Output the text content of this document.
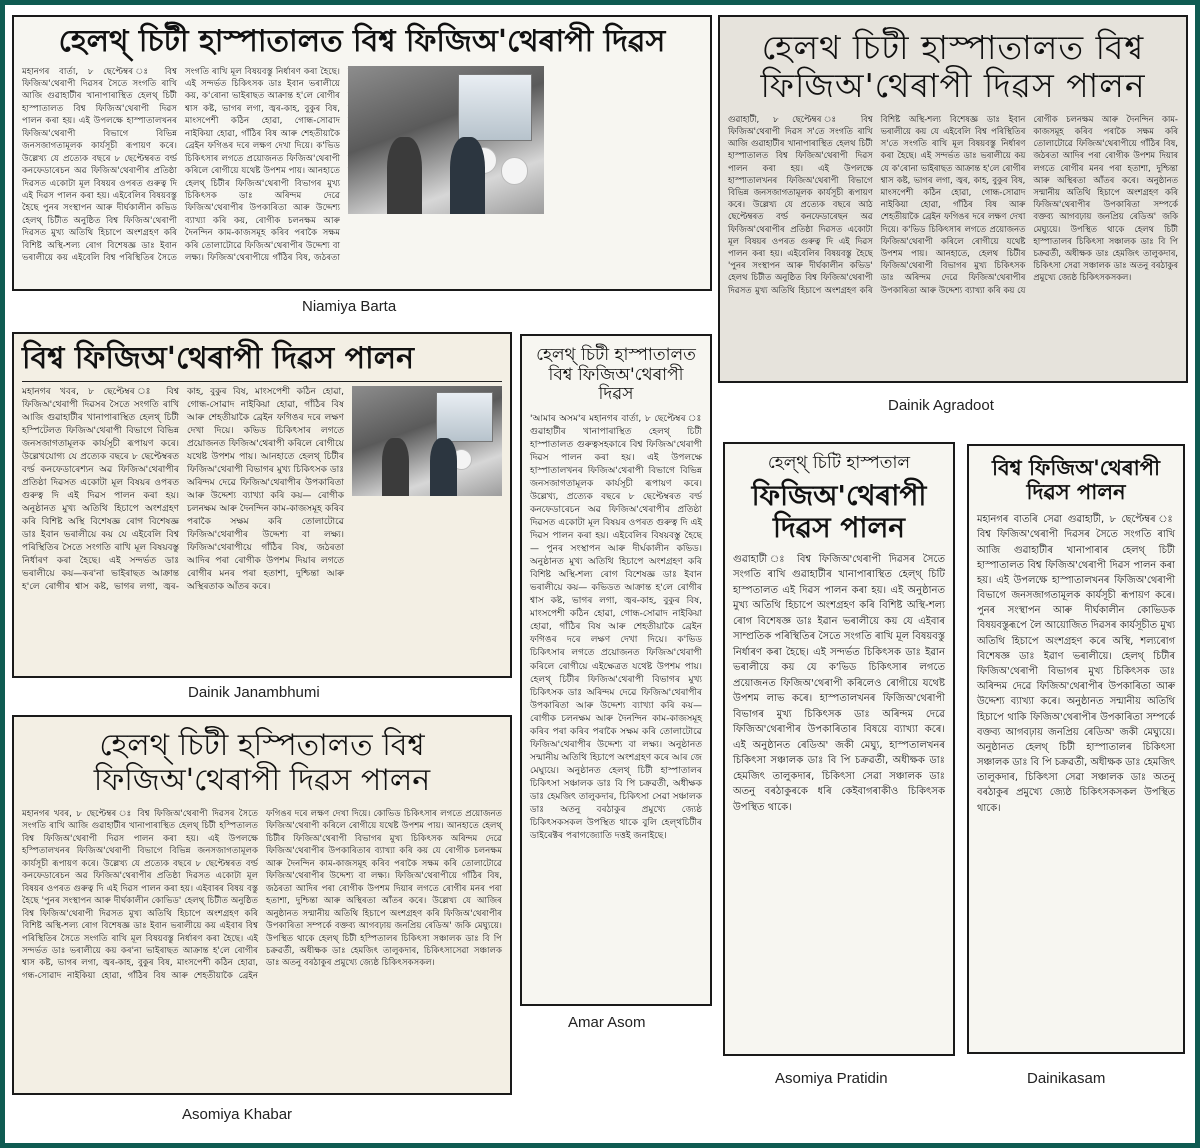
হেলথ্‌ চিটী হাস্পাতালত বিশ্ব ফিজিঅ'থেৰাপী দিৱস
মহানগৰ বাৰ্তা, ৮ ছেপ্টেম্বৰ ঃ বিশ্ব ফিজিঅ'থেৰাপী দিৱসৰ সৈতে সংগতি ৰাখি আজি গুৱাহাটীৰ খানাপাৰাস্থিত হেলথ্‌ চিটী হাস্পাতালত বিশ্ব ফিজিঅ'থেৰাপী দিৱস পালন কৰা হয়। এই উপলক্ষে হাস্পাতালখনৰ ফিজিঅ'থেৰাপী বিভাগে বিভিন্ন জনসজাগতামূলক কাৰ্যসূচী ৰূপায়ণ কৰে। উল্লেখ্য যে প্ৰত্যেক বছৰে ৮ ছেপ্টেম্বৰত বৰ্ল্ড কনফেডাৰেচন অৱ ফিজিঅ'থেৰাপীৰ প্ৰতিষ্ঠা দিৱসত একোটা মূল বিষয়ৰ ওপৰত গুৰুত্ব দি এই দিৱস পালন কৰা হয়। এইবেলিৰ বিষয়বস্তু হৈছে পুনৰ সংস্থাপন আৰু দীৰ্ঘকালীন কভিড হেলথ্‌ চিটীত অনুষ্ঠিত বিশ্ব ফিজিঅ'থেৰাপী দিৱসত মুখ্য অতিথি হিচাপে অংশগ্ৰহণ কৰি বিশিষ্ট অস্থি-শল্য ৰোগ বিশেষজ্ঞ ডাঃ ইবান ভৰালীয়ে কয় এইবেলি বিশ্ব পৰিস্থিতিৰ সৈতে সংগতি ৰাখি মূল বিষয়বস্তু নিৰ্ধাৰণ কৰা হৈছে। এই সন্দৰ্ভত চিকিৎসক ডাঃ ইবান ভৰালীয়ে কয়, ক'ৰোনা ভাইৰাছত আক্ৰান্ত হ'লে ৰোগীৰ শ্বাস কষ্ট, ভাগৰ লগা, জ্বৰ-কাহ, বুকুৰ বিষ, মাংসপেশী কঠিন হোৱা, গোন্ধ-সোৱাদ নাইকিয়া হোৱা, গাঁঠিৰ বিষ আৰু শেহতীয়াকৈ ব্ৰেইন ফগিঙৰ দৰে লক্ষণ দেখা দিয়ে। ক'ভিড চিকিৎসাৰ লগতে প্ৰয়োজনত ফিজিঅ'থেৰাপী কৰিলে ৰোগীয়ে যথেষ্ট উপশম পায়। আনহাতে হেলথ্‌ চিটীৰ ফিজিঅ'থেৰাপী বিভাগৰ মুখ্য চিকিৎসক ডাঃ অৰিন্দম দেৱে ফিজিঅ'থেৰাপীৰ উপকাৰিতা আৰু উদ্দেশ্য ব্যাখ্যা কৰি কয়, ৰোগীক চলনক্ষম আৰু দৈনন্দিন কাম-কাজসমূহ কৰিব পৰাকৈ সক্ষম কৰি তোলাটোৱে ফিজিঅ'থেৰাপীৰ উদ্দেশ্য বা লক্ষ্য। ফিজিঅ'থেৰাপীয়ে গাঁঠিৰ বিষ, জঠৰতা
Niamiya Barta
হেলথ চিটী হাস্পাতালত বিশ্ব ফিজিঅ'থেৰাপী দিৱস পালন
গুৱাহাটী, ৮ ছেপ্টেম্বৰ ঃ বিশ্ব ফিজিঅ'থেৰাপী দিৱস স'তে সংগতি ৰাখি আজি গুৱাহাটীৰ খানাপাৰাস্থিত হেলথ চিটী হাস্পাতালত বিশ্ব ফিজিঅ'থেৰাপী দিৱস পালন কৰা হয়। এই উপলক্ষে হাস্পাতালখনৰ ফিজিঅ'থেৰাপী বিভাগে বিভিন্ন জনসজাগতামূলক কাৰ্যসূচী ৰূপায়ণ কৰে। উল্লেখ্য যে প্ৰত্যেক বছৰে আঠ ছেপ্টেম্বৰত বৰ্ল্ড কনফেডাৰেছন অৱ ফিজিঅ'থেৰাপীৰ প্ৰতিষ্ঠা দিৱসত একোটা মূল বিষয়ৰ ওপৰত গুৰুত্ব দি এই দিৱস পালন কৰা হয়। এইবেলিৰ বিষয়বস্তু হৈছে 'পুনৰ সংস্থাপন আৰু দীৰ্ঘকালীন কভিড' হেলথ চিটীত অনুষ্ঠিত বিশ্ব ফিজিঅ'থেৰাপী দিৱসত মুখ্য অতিথি হিচাপে অংশগ্ৰহণ কৰি বিশিষ্ট অস্থি-শল্য বিশেষজ্ঞ ডাঃ ইবান ভৰালীয়ে কয় যে এইবেলি বিশ্ব পৰিস্থিতিৰ স'তে সংগতি ৰাখি মূল বিষয়বস্তু নিৰ্ধাৰণ কৰা হৈছে। এই সন্দৰ্ভত ডাঃ ভৰালীয়ে কয় যে ক'ৰোনা ভাইৰাছত আক্ৰান্ত হ'লে ৰোগীৰ শ্বাস কষ্ট, ভাগৰ লগা, জ্বৰ, কাহ, বুকুৰ বিষ, মাংসপেশী কঠিন হোৱা, গোন্ধ-সোৱাদ নাইকিয়া হোৱা, গাঁঠিৰ বিষ আৰু শেহতীয়াকৈ ব্ৰেইন ফগিঙৰ দৰে লক্ষণ দেখা দিয়ে। ক'ভিড চিকিৎসাৰ লগতে প্ৰয়োজনত ফিজিঅ'থেৰাপী কৰিলে ৰোগীয়ে যথেষ্ট উপশম পায়। আনহাতে, হেলথ চিটীৰ ফিজিঅ'থেৰাপী বিভাগৰ মুখ্য চিকিৎসক ডাঃ অৰিন্দম দেৱে ফিজিঅ'থেৰাপীৰ উপকাৰিতা আৰু উদ্দেশ্য ব্যাখ্যা কৰি কয় যে ৰোগীক চলনক্ষম আৰু দৈনন্দিন কাম-কাজসমূহ কৰিব পৰাকৈ সক্ষম কৰি তোলাটোৱে ফিজিঅ'থেৰাপীয়ে গাঁঠিৰ বিষ, জঠৰতা আদিৰ পৰা ৰোগীক উপশম দিয়াৰ লগতে ৰোগীৰ মনৰ পৰা হতাশা, দুশ্চিন্তা আৰু অস্থিৰতা আঁতৰ কৰে। অনুষ্ঠানত সন্মানীয় অতিথি হিচাপে অংশগ্ৰহণ কৰি ফিজিঅ'থেৰাপীৰ উপকাৰিতা সম্পৰ্কে বক্তব্য আগবঢ়ায় জনপ্ৰিয় ৰেডিঅ' জকি মেঘ্যুয়ে। উপস্থিত থাকে হেলথ চিটী হাস্পাতালৰ চিকিৎসা সঞ্চালক ডাঃ বি পি চক্ৰৱৰ্তী, অধীক্ষক ডাঃ হেমজিৎ তালুকদাৰ, চিকিৎসা সেৱা সঞ্চালক ডাঃ অতনু বৰঠাকুৰ প্ৰমুখ্যে জ্যেষ্ঠ চিকিৎসকসকল।
Dainik Agradoot
বিশ্ব ফিজিঅ'থেৰাপী দিৱস পালন
মহানগৰ খবৰ, ৮ ছেপ্টেম্বৰ ঃ বিশ্ব ফিজিঅ'থেৰাপী দিৱসৰ সৈতে সংগতি ৰাখি আজি গুৱাহাটীৰ খানাপাৰাস্থিত হেলথ্‌ চিটী হস্পিটেলত ফিজিঅ'থেৰাপী বিভাগে বিভিন্ন জনসজাগতামূলক কাৰ্যসূচী ৰূপায়ণ কৰে। উল্লেখযোগ্য যে প্ৰত্যেক বছৰে ৮ ছেপ্টেম্বৰত বৰ্ল্ড কনফেডাৰেশ্যন অৱ ফিজিঅ'থেৰাপীৰ প্ৰতিষ্ঠা দিৱসত একোটা মূল বিষয়ৰ ওপৰত গুৰুত্ব দি এই দিৱস পালন কৰা হয়। অনুষ্ঠানত মুখ্য অতিথি হিচাপে অংশগ্ৰহণ কৰি বিশিষ্ট অস্থি বিশেষজ্ঞ ৰোগ বিশেষজ্ঞ ডাঃ ইবান ভৰালীয়ে কয় যে এইবেলি বিশ্ব পৰিস্থিতিৰ সৈতে সংগতি ৰাখি মূল বিষয়বস্তু নিৰ্ধাৰণ কৰা হৈছে। এই সন্দৰ্ভত ডাঃ ভৰালীয়ে কয়—কৰ'না ভাইৰাছত আক্ৰান্ত হ'লে ৰোগীৰ শ্বাস কষ্ট, ভাগৰ লগা, জ্বৰ-কাহ, বুকুৰ বিষ, মাংসপেশী কঠিন হোৱা, গোন্ধ-সোৱাদ নাইকিয়া হোৱা, গাঁঠিৰ বিষ আৰু শেহতীয়াকৈ ব্ৰেইন ফগিঙৰ দৰে লক্ষণ দেখা দিয়ে। কভিড চিকিৎসাৰ লগতে প্ৰয়োজনত ফিজিঅ'থেৰাপী কৰিলে ৰোগীয়ে যথেষ্ট উপশম পায়। আনহাতে হেলথ্‌ চিটীৰ ফিজিঅ'থেৰাপী বিভাগৰ মুখ্য চিকিৎসক ডাঃ অৰিন্দম দেৱে ফিজিঅ'থেৰাপীৰ উপকাৰিতা আৰু উদ্দেশ্য ব্যাখ্যা কৰি কয়— ৰোগীক চলনক্ষম আৰু দৈনন্দিন কাম-কাজসমূহ কৰিব পৰাকৈ সক্ষম কৰি তোলাটোৱে ফিজিঅ'থেৰাপীৰ উদ্দেশ্য বা লক্ষ্য। ফিজিঅ'থেৰাপীয়ে গাঁঠিৰ বিষ, জঠৰতা আদিৰ পৰা ৰোগীক উপশম দিয়াৰ লগতে ৰোগীৰ মনৰ পৰা হতাশা, দুশ্চিন্তা আৰু অস্থিৰতাক আঁতৰ কৰে।
Dainik Janambhumi
হেলথ্‌ চিটী হাস্পাতালত বিশ্ব ফিজিঅ'থেৰাপী দিৱস
'আমাৰ অসম'ৰ মহানগৰ বাৰ্তা, ৮ ছেপ্টেম্বৰ ঃ গুৱাহাটীৰ খানাপাৰাস্থিত হেলথ্‌ চিটী হাস্পাতালত গুৰুত্বসহকাৰে বিশ্ব ফিজিঅ'থেৰাপী দিৱস পালন কৰা হয়। এই উপলক্ষে হাস্পাতালখনৰ ফিজিঅ'থেৰাপী বিভাগে বিভিন্ন জনসজাগতামূলক কাৰ্যসূচী ৰূপায়ণ কৰে। উল্লেখ্য, প্ৰত্যেক বছৰে ৮ ছেপ্টেম্বৰত বৰ্ল্ড কনফেডাৰেচন অৱ ফিজিঅ'থেৰাপীৰ প্ৰতিষ্ঠা দিৱসত একোটা মূল বিষয়ৰ ওপৰত গুৰুত্ব দি এই দিৱস পালন কৰা হয়। এইবেলিৰ বিষয়বস্তু হৈছে— পুনৰ সংস্থাপন আৰু দীৰ্ঘকালীন কভিড। অনুষ্ঠানত মুখ্য অতিথি হিচাপে অংশগ্ৰহণ কৰি বিশিষ্ট অস্থি-শল্য ৰোগ বিশেষজ্ঞ ডাঃ ইবান ভৰালীয়ে কয়— কভিডত আক্ৰান্ত হ'লে ৰোগীৰ শ্বাস কষ্ট, ভাগৰ লগা, জ্বৰ-কাহ, বুকুৰ বিষ, মাংসপেশী কঠিন হোৱা, গোন্ধ-সোৱাদ নাইকিয়া হোৱা, গাঁঠিৰ বিষ আৰু শেহতীয়াকৈ ব্ৰেইন ফগিঙৰ দৰে লক্ষণ দেখা দিয়ে। ক'ভিড চিকিৎসাৰ লগতে প্ৰয়োজনত ফিজিঅ'থেৰাপী কৰিলে ৰোগীয়ে এইক্ষেত্ৰত যথেষ্ট উপশম পায়। হেলথ্‌ চিটীৰ ফিজিঅ'থেৰাপী বিভাগৰ মুখ্য চিকিৎসক ডাঃ অৰিন্দম দেৱে ফিজিঅ'থেৰাপীৰ উপকাৰিতা আৰু উদ্দেশ্য ব্যাখ্যা কৰি কয়— ৰোগীক চলনক্ষম আৰু দৈনন্দিন কাম-কাজসমূহ কৰিব পৰা কৰিব পৰাকৈ সক্ষম কৰি তোলাটোৱে ফিজিঅ'থেৰাপীৰ উদ্দেশ্য বা লক্ষ্য। অনুষ্ঠানত সন্মানীয় অতিথি হিচাপে অংশগ্ৰহণ কৰে আৰ জে মেঘ্যুয়ে। অনুষ্ঠানত হেলথ্‌ চিটী হাস্পাতালৰ চিকিৎসা সঞ্চালক ডাঃ বি পি চক্ৰৱৰ্তী, অধীক্ষক ডাঃ হেমজিৎ তালুকদাৰ, চিকিৎসা সেৱা সঞ্চালক ডাঃ অতনু বৰঠাকুৰ প্ৰমুখ্যে জ্যেষ্ঠ চিকিৎসকসকল উপস্থিত থাকে বুলি হেল্থচিটীৰ ডাইৰেক্টৰ পৰাগজ্যোতি দত্তই জনাইছে।
Amar Asom
হেল্থ্‌ চিটি হাস্পতাল
ফিজিঅ'থেৰাপী দিৱস পালন
গুৱাহাটী ঃ বিশ্ব ফিজিঅ'থেৰাপী দিৱসৰ সৈতে সংগতি ৰাখি গুৱাহাটীৰ খানাপাৰাস্থিত হেল্থ্‌ চিটি হাস্পতালত এই দিৱস পালন কৰা হয়। এই অনুষ্ঠানত মুখ্য অতিথি হিচাপে অংশগ্ৰহণ কৰি বিশিষ্ট অস্থি-শল্য ৰোগ বিশেষজ্ঞ ডাঃ ইৱান ভৰালীয়ে কয় যে এইবাৰ সাম্প্ৰতিক পৰিস্থিতিৰ সৈতে সংগতি ৰাখি মূল বিষয়বস্তু নিৰ্ধাৰণ কৰা হৈছে। এই সন্দৰ্ভত চিকিৎসক ডাঃ ইৱান ভৰালীয়ে কয় যে ক'ভিড চিকিৎসাৰ লগতে প্ৰয়োজনত ফিজিঅ'থেৰাপী কৰিলেও ৰোগীয়ে যথেষ্ট উপশম লাভ কৰে। হাস্পতালখনৰ ফিজিঅ'থেৰাপী বিভাগৰ মুখ্য চিকিৎসক ডাঃ অৰিন্দম দেৱে ফিজিঅ'থেৰাপীৰ উপকাৰিতাৰ বিষয়ে ব্যাখ্যা কৰে। এই অনুষ্ঠানত ৰেডিঅ' জকী মেঘ্যু, হাস্পতালখনৰ চিকিৎসা সঞ্চালক ডাঃ বি পি চক্ৰৱৰ্তী, অধীক্ষক ডাঃ হেমজিৎ তালুকদাৰ, চিকিৎসা সেৱা সঞ্চালক ডাঃ অতনু বৰঠাকুৰকে ধৰি কেইবাগৰাকীও চিকিৎসক উপস্থিত থাকে।
Asomiya Pratidin
বিশ্ব ফিজিঅ'থেৰাপী দিৱস পালন
মহানগৰ বাতৰি সেৱা গুৱাহাটী, ৮ ছেপ্টেম্বৰ ঃ বিশ্ব ফিজিঅ'থেৰাপী দিৱসৰ সৈতে সংগতি ৰাখি আজি গুৱাহাটীৰ খানাপাৰাৰ হেলথ্‌ চিটী হাস্পাতালত বিশ্ব ফিজিঅ'থেৰাপী দিৱস পালন কৰা হয়। এই উপলক্ষে হাস্পাতালখনৰ ফিজিঅ'থেৰাপী বিভাগে জনসজাগতামূলক কাৰ্যসূচী ৰূপায়ণ কৰে। পুনৰ সংস্থাপন আৰু দীৰ্ঘকালীন কোভিডক বিষয়বস্তুৰূপে লৈ আয়োজিত দিৱসৰ কাৰ্যসূচীত মুখ্য অতিথি হিচাপে অংশগ্ৰহণ কৰে অস্থি, শল্যৰোগ বিশেষজ্ঞ ডাঃ ইৱাণ ভৰালীয়ে। হেলথ্‌ চিটীৰ ফিজিঅ'থেৰাপী বিভাগৰ মুখ্য চিকিৎসক ডাঃ অৰিন্দম দেৱে ফিজিঅ'থেৰাপীৰ উপকাৰিতা আৰু উদ্দেশ্য ব্যাখ্যা কৰে। অনুষ্ঠানত সন্মানীয় অতিথি হিচাপে থাকি ফিজিঅ'থেৰাপীৰ উপকাৰিতা সম্পৰ্কে বক্তব্য আগবঢ়ায় জনপ্ৰিয় ৰেডিঅ' জকী মেঘ্যুয়ে। অনুষ্ঠানত হেলথ্‌ চিটী হাস্পাতালৰ চিকিৎসা সঞ্চালক ডাঃ বি পি চক্ৰৱৰ্তী, অধীক্ষক ডাঃ হেমজিৎ তালুকদাৰ, চিকিৎসা সেৱা সঞ্চালক ডাঃ অতনু বৰঠাকুৰ প্ৰমুখ্যে জ্যেষ্ঠ চিকিৎসকসকল উপস্থিত থাকে।
Dainikasam
হেলথ্‌ চিটী হস্পিতালত বিশ্ব ফিজিঅ'থেৰাপী দিৱস পালন
মহানগৰ খবৰ, ৮ ছেপ্টেম্বৰ ঃ বিশ্ব ফিজিঅ'থেৰাপী দিৱসৰ সৈতে সংগতি ৰাখি আজি গুৱাহাটীৰ খানাপাৰাস্থিত হেলথ্‌ চিটী হস্পিতালত বিশ্ব ফিজিঅ'থেৰাপী দিৱস পালন কৰা হয়। এই উপলক্ষে হস্পিতালখনৰ ফিজিঅ'থেৰাপী বিভাগে বিভিন্ন জনসজাগতামূলক কাৰ্যসূচী ৰূপায়ণ কৰে। উল্লেখ্য যে প্ৰত্যেক বছৰে ৮ ছেপ্টেম্বৰত বৰ্ল্ড কনফেডাৰেচন অৱ ফিজিঅ'থেৰাপীৰ প্ৰতিষ্ঠা দিৱসত একোটা মূল বিষয়ৰ ওপৰত গুৰুত্ব দি এই দিৱস পালন কৰা হয়। এইবাৰৰ বিষয় বস্তু হৈছে 'পুনৰ সংস্থাপন আৰু দীৰ্ঘকালীন কোভিড' হেলথ্‌ চিটীত অনুষ্ঠিত বিশ্ব ফিজিঅ'থেৰাপী দিৱসত মুখ্য অতিথি হিচাপে অংশগ্ৰহণ কৰি বিশিষ্ট অস্থি-শল্য ৰোগ বিশেষজ্ঞ ডাঃ ইবান ভৰালীয়ে কয় এইবাৰ বিশ্ব পৰিস্থিতিৰ সৈতে সংগতি ৰাখি মূল বিষয়বস্তু নিৰ্ধাৰণ কৰা হৈছে। এই সন্দৰ্ভত ডাঃ ভৰালীয়ে কয় কৰ'না ভাইৰাছত আক্ৰান্ত হ'লে ৰোগীৰ শ্বাস কষ্ট, ভাগৰ লগা, জ্বৰ-কাহ, বুকুৰ বিষ, মাংসপেশী কঠিন হোৱা, গন্ধ-সোৱাদ নাইকিয়া হোৱা, গাঁঠিৰ বিষ আৰু শেহতীয়াকৈ ব্ৰেইন ফগিঙৰ দৰে লক্ষণ দেখা দিয়ে। কোভিড চিকিৎসাৰ লগতে প্ৰয়োজনত ফিজিঅ'থেৰাপী কৰিলে ৰোগীয়ে যথেষ্ট উপশম পায়। আনহাতে হেলথ্‌ চিটীৰ ফিজিঅ'থেৰাপী বিভাগৰ মুখ্য চিকিৎসক অৰিন্দম দেৱে ফিজিঅ'থেৰাপীৰ উপকাৰিতাৰ ব্যাখ্যা কৰি কয় যে ৰোগীক চলনক্ষম আৰু দৈনন্দিন কাম-কাজসমূহ কৰিব পৰাকৈ সক্ষম কৰি তোলাটোৱে ফিজিঅ'থেৰাপীৰ উদ্দেশ্য বা লক্ষ্য। ফিজিঅ'থেৰাপীয়ে গাঁঠিৰ বিষ, জঠৰতা আদিৰ পৰা ৰোগীক উপশম দিয়াৰ লগতে ৰোগীৰ মনৰ পৰা হতাশা, দুশ্চিন্তা আৰু অস্থিৰতা আঁতৰ কৰে। উল্লেখ্য যে আজিৰ অনুষ্ঠানত সন্মানীয় অতিথি হিচাপে অংশগ্ৰহণ কৰি ফিজিঅ'থেৰাপীৰ উপকাৰিতা সম্পৰ্কে বক্তব্য আগবঢ়ায় জনপ্ৰিয় ৰেডিঅ' জকি মেঘ্যুয়ে। উপস্থিত থাকে হেলথ্‌ চিটী হস্পিতালৰ চিকিৎসা সঞ্চালক ডাঃ বি পি চক্ৰৱৰ্তী, অধীক্ষক ডাঃ হেমজিৎ তালুকদাৰ, চিকিৎসাসেৱা সঞ্চালক ডাঃ অতনু বৰঠাকুৰ প্ৰমুখ্যে জ্যেষ্ঠ চিকিৎসকসকল।
Asomiya Khabar
